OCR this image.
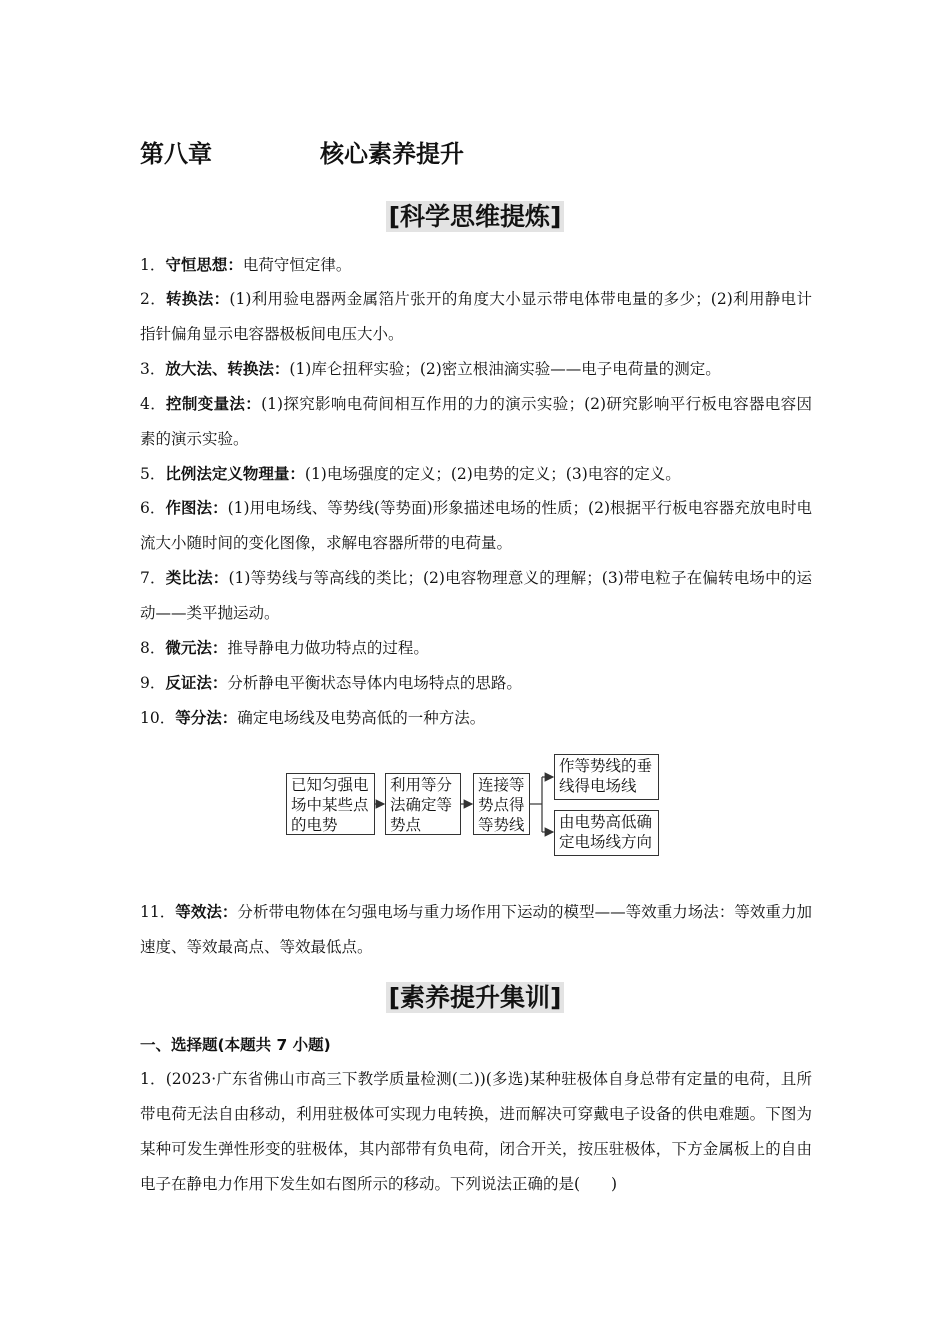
第八章	核心素养提升
[科学思维提炼]
1．守恒思想：电荷守恒定律。
2．转换法：(1)利用验电器两金属箔片张开的角度大小显示带电体带电量的多少；(2)利用静电计指针偏角显示电容器极板间电压大小。
3．放大法、转换法：(1)库仑扭秤实验；(2)密立根油滴实验——电子电荷量的测定。
4．控制变量法：(1)探究影响电荷间相互作用的力的演示实验；(2)研究影响平行板电容器电容因素的演示实验。
5．比例法定义物理量：(1)电场强度的定义；(2)电势的定义；(3)电容的定义。
6．作图法：(1)用电场线、等势线(等势面)形象描述电场的性质；(2)根据平行板电容器充放电时电流大小随时间的变化图像，求解电容器所带的电荷量。
7．类比法：(1)等势线与等高线的类比；(2)电容物理意义的理解；(3)带电粒子在偏转电场中的运动——类平抛运动。
8．微元法：推导静电力做功特点的过程。
9．反证法：分析静电平衡状态导体内电场特点的思路。
10．等分法：确定电场线及电势高低的一种方法。
已知匀强电
场中某些点
的电势
利用等分
法确定等
势点
连接等
势点得
等势线
作等势线的垂
线得电场线
由电势高低确
定电场线方向
11．等效法：分析带电物体在匀强电场与重力场作用下运动的模型——等效重力场法：等效重力加速度、等效最高点、等效最低点。
[素养提升集训]
一、选择题(本题共 7 小题)
1．(2023·广东省佛山市高三下教学质量检测(二))(多选)某种驻极体自身总带有定量的电荷，且所带电荷无法自由移动，利用驻极体可实现力电转换，进而解决可穿戴电子设备的供电难题。下图为某种可发生弹性形变的驻极体，其内部带有负电荷，闭合开关，按压驻极体，下方金属板上的自由电子在静电力作用下发生如右图所示的移动。下列说法正确的是(　　)
